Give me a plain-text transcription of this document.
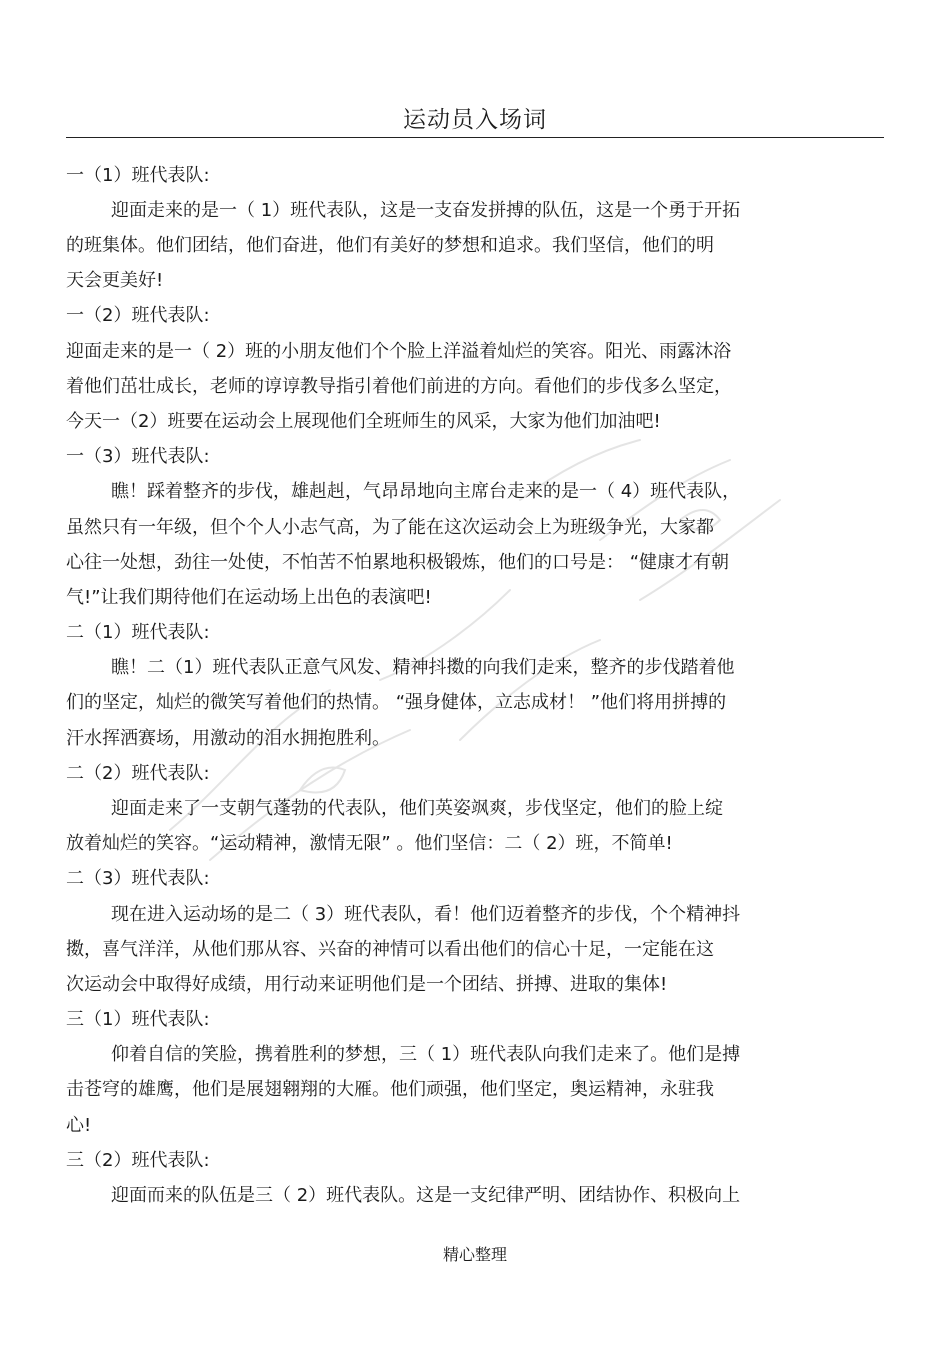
运动员入场词
一（1）班代表队:
迎面走来的是一（ 1）班代表队，这是一支奋发拼搏的队伍，这是一个勇于开拓
的班集体。他们团结，他们奋进，他们有美好的梦想和追求。我们坚信，他们的明
天会更美好!
一（2）班代表队:
迎面走来的是一（ 2）班的小朋友他们个个脸上洋溢着灿烂的笑容。阳光、雨露沐浴
着他们茁壮成长，老师的谆谆教导指引着他们前进的方向。看他们的步伐多么坚定，
今天一（2）班要在运动会上展现他们全班师生的风采，大家为他们加油吧!
一（3）班代表队:
瞧！踩着整齐的步伐，雄赳赳，气昂昂地向主席台走来的是一（ 4）班代表队，
虽然只有一年级，但个个人小志气高，为了能在这次运动会上为班级争光，大家都
心往一处想，劲往一处使，不怕苦不怕累地积极锻炼，他们的口号是： “健康才有朝
气!”让我们期待他们在运动场上出色的表演吧!
二（1）班代表队:
瞧！二（1）班代表队正意气风发、精神抖擞的向我们走来，整齐的步伐踏着他
们的坚定，灿烂的微笑写着他们的热情。 “强身健体，立志成材！ ”他们将用拼搏的
汗水挥洒赛场，用激动的泪水拥抱胜利。
二（2）班代表队:
迎面走来了一支朝气蓬勃的代表队，他们英姿飒爽，步伐坚定，他们的脸上绽
放着灿烂的笑容。“运动精神，激情无限” 。他们坚信：二（ 2）班，不简单!
二（3）班代表队:
现在进入运动场的是二（ 3）班代表队，看！他们迈着整齐的步伐，个个精神抖
擞，喜气洋洋，从他们那从容、兴奋的神情可以看出他们的信心十足，一定能在这
次运动会中取得好成绩，用行动来证明他们是一个团结、拼搏、进取的集体!
三（1）班代表队:
仰着自信的笑脸，携着胜利的梦想，三（ 1）班代表队向我们走来了。他们是搏
击苍穹的雄鹰，他们是展翅翱翔的大雁。他们顽强，他们坚定，奥运精神，永驻我
心!
三（2）班代表队:
迎面而来的队伍是三（ 2）班代表队。这是一支纪律严明、团结协作、积极向上
精心整理
